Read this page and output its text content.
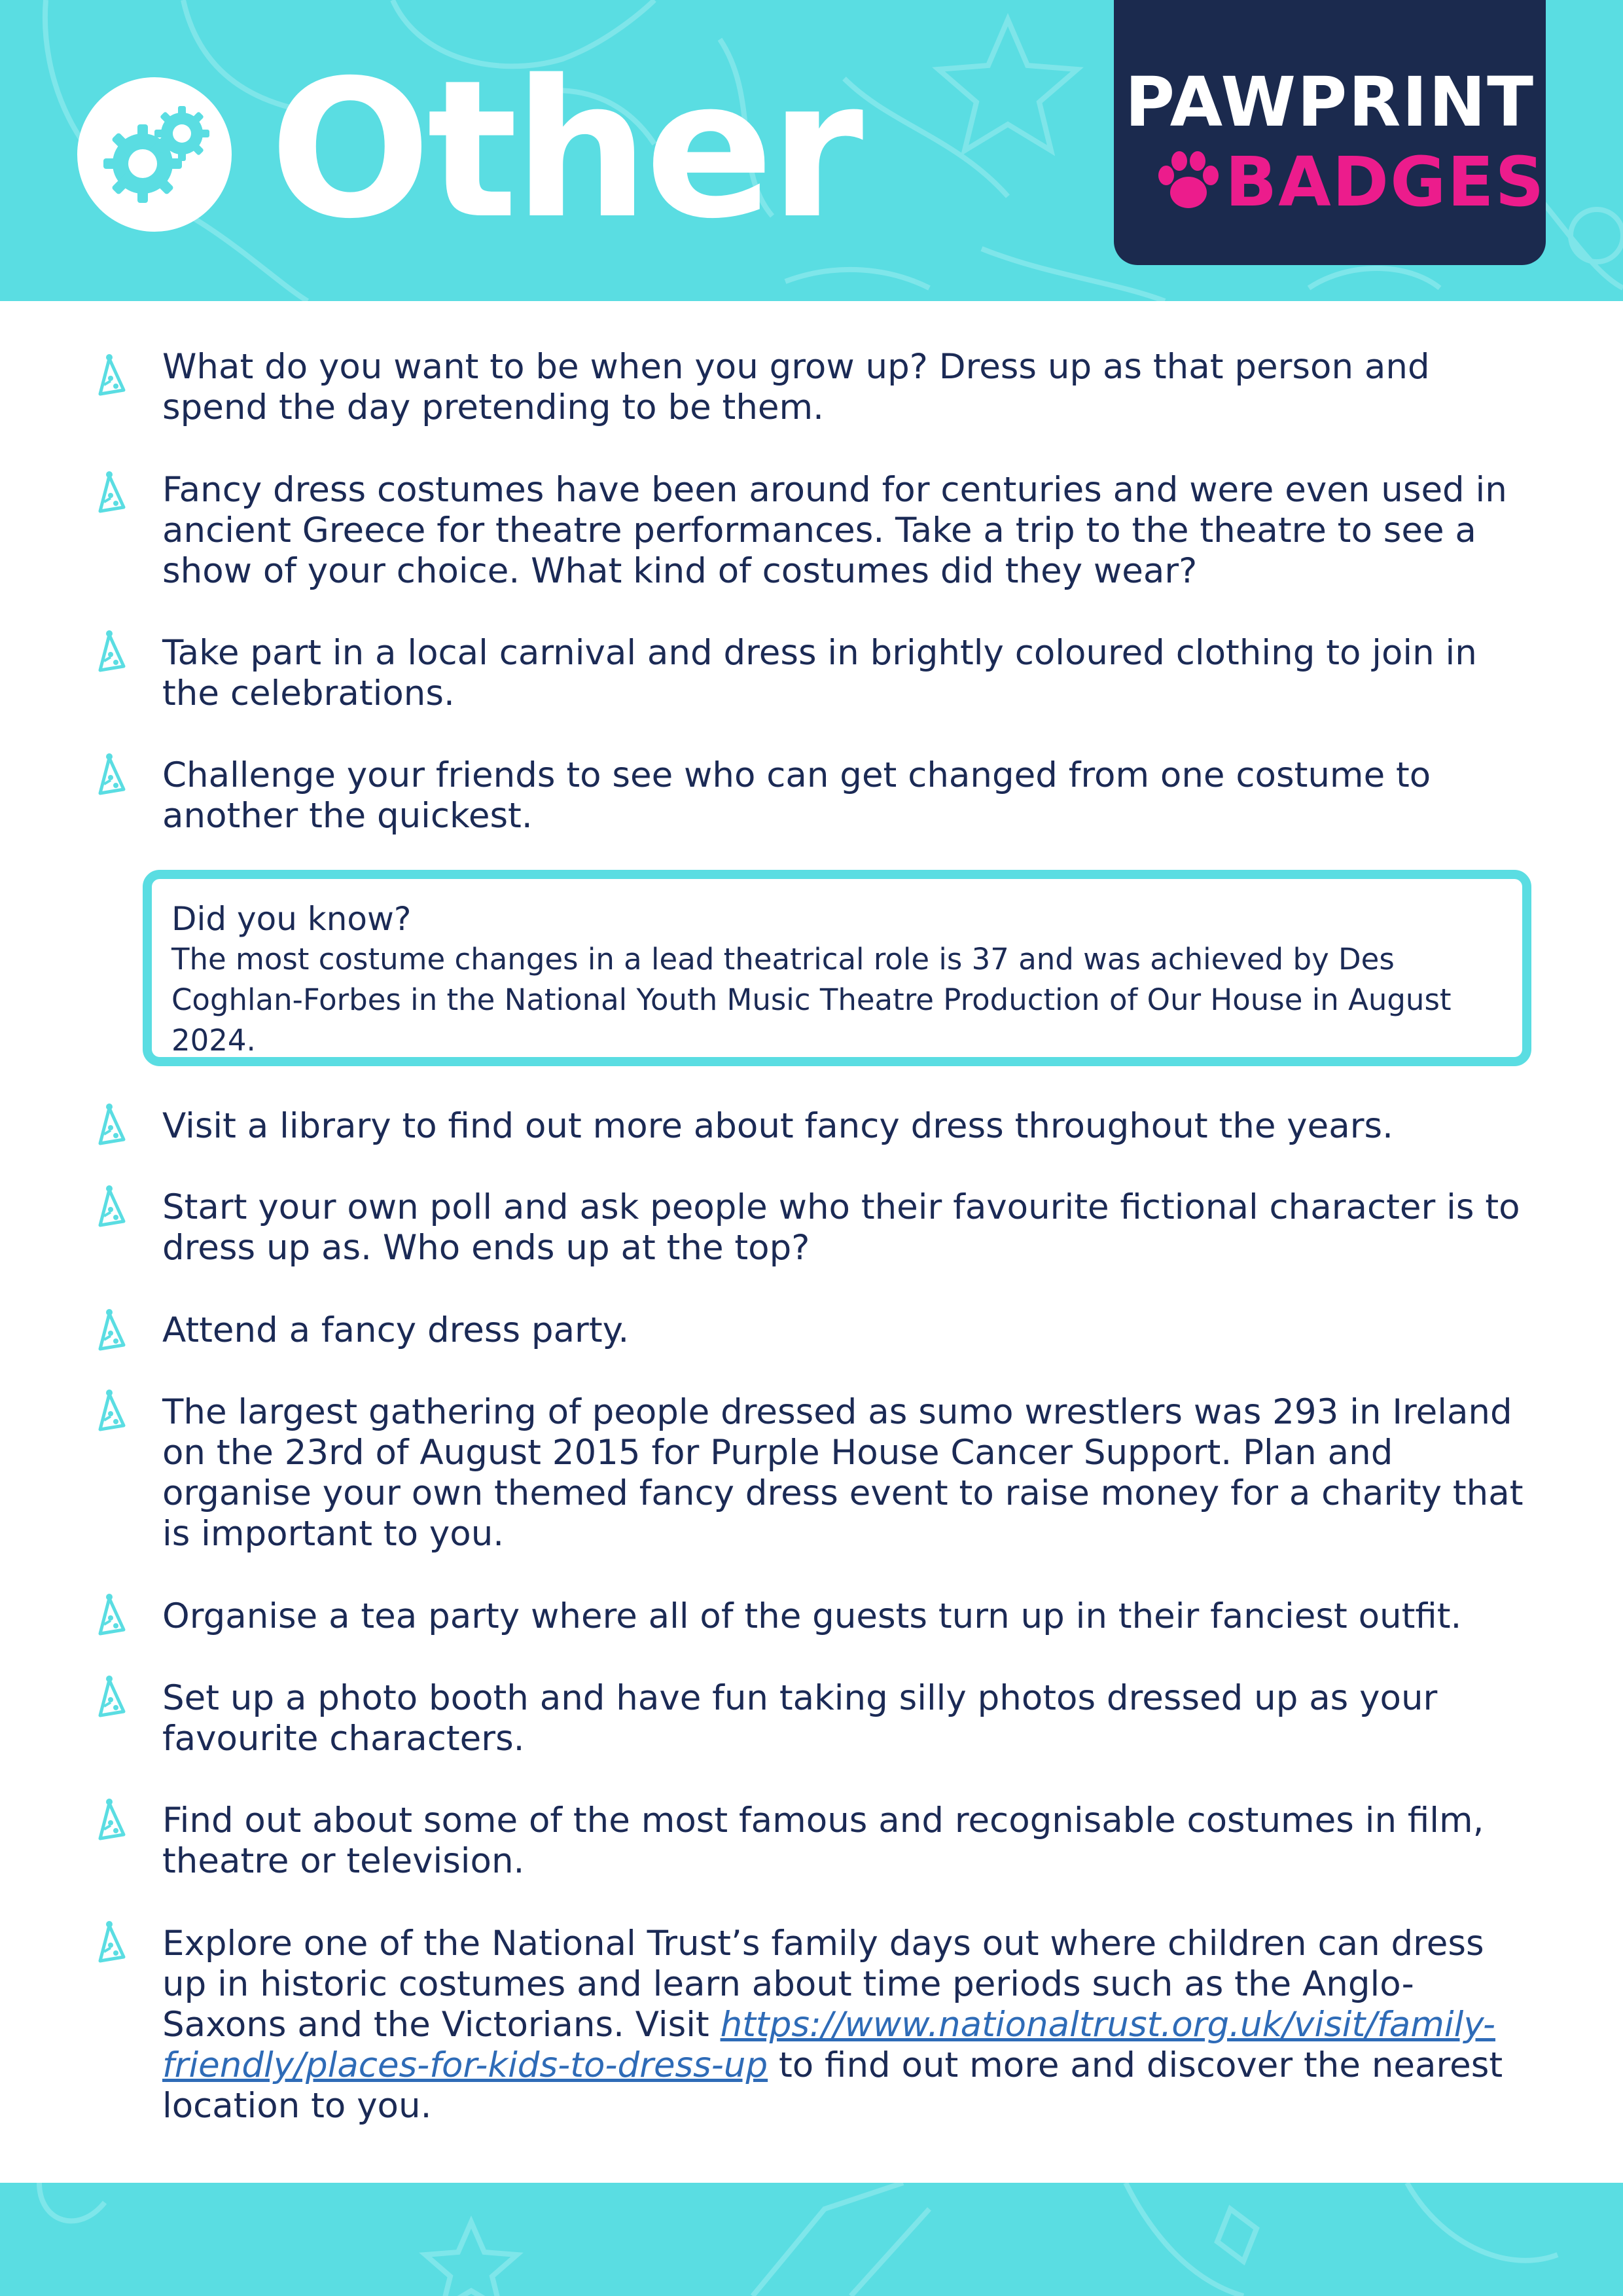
Other	PAWPRINT
BADGES
What do you want to be when you grow up? Dress up as that person and spend the day pretending to be them.
Fancy dress costumes have been around for centuries and were even used in ancient Greece for theatre performances. Take a trip to the theatre to see a show of your choice. What kind of costumes did they wear?
Take part in a local carnival and dress in brightly coloured clothing to join in the celebrations.
Challenge your friends to see who can get changed from one costume to another the quickest.
Did you know?
The most costume changes in a lead theatrical role is 37 and was achieved by Des Coghlan-Forbes in the National Youth Music Theatre Production of Our House in August 2024.
Visit a library to find out more about fancy dress throughout the years.
Start your own poll and ask people who their favourite fictional character is to dress up as. Who ends up at the top?
Attend a fancy dress party.
The largest gathering of people dressed as sumo wrestlers was 293 in Ireland on the 23rd of August 2015 for Purple House Cancer Support. Plan and organise your own themed fancy dress event to raise money for a charity that is important to you.
Organise a tea party where all of the guests turn up in their fanciest outfit.
Set up a photo booth and have fun taking silly photos dressed up as your favourite characters.
Find out about some of the most famous and recognisable costumes in film, theatre or television.
Explore one of the National Trust’s family days out where children can dress up in historic costumes and learn about time periods such as the Anglo-Saxons and the Victorians. Visit https://www.nationaltrust.org.uk/visit/family-friendly/places-for-kids-to-dress-up to find out more and discover the nearest location to you.
